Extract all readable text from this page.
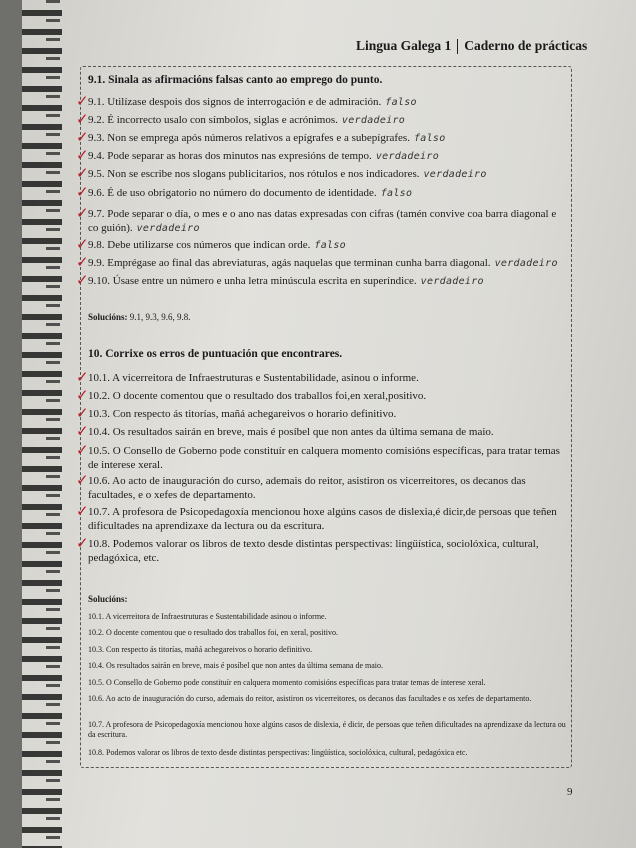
Lingua Galega 1 Caderno de prácticas
9.1. Sinala as afirmacións falsas canto ao emprego do punto.
✓ 9.1. Utilízase despois dos signos de interrogación e de admiración. falso
✓ 9.2. É incorrecto usalo con símbolos, siglas e acrónimos. verdadeiro
✓ 9.3. Non se emprega após números relativos a epígrafes e a subepígrafes. falso
✓ 9.4. Pode separar as horas dos minutos nas expresións de tempo. verdadeiro
✓ 9.5. Non se escribe nos slogans publicitarios, nos rótulos e nos indicadores. verdadeiro
✓ 9.6. É de uso obrigatorio no número do documento de identidade. falso
✓ 9.7. Pode separar o día, o mes e o ano nas datas expresadas con cifras (tamén convive coa barra diagonal e co guión). verdadeiro
✓ 9.8. Debe utilizarse cos números que indican orde. falso
✓ 9.9. Emprégase ao final das abreviaturas, agás naquelas que terminan cunha barra diagonal. verdadeiro
✓ 9.10. Úsase entre un número e unha letra minúscula escrita en superíndice. verdadeiro
Solucións: 9.1, 9.3, 9.6, 9.8.
10. Corrixe os erros de puntuación que encontrares.
✓ 10.1. A vicerreitora de Infraestruturas e Sustentabilidade, asinou o informe.
✓ 10.2. O docente comentou que o resultado dos traballos foi,en xeral,positivo.
✓ 10.3. Con respecto ás titorías, mañá achegareivos o horario definitivo.
✓ 10.4. Os resultados sairán en breve, mais é posíbel que non antes da última semana de maio.
✓ 10.5. O Consello de Goberno pode constituír en calquera momento comisións específicas, para tratar temas de interese xeral.
✓ 10.6. Ao acto de inauguración do curso, ademais do reitor, asistiron os vicerreitores, os decanos das facultades, e o xefes de departamento.
✓ 10.7. A profesora de Psicopedagoxía mencionou hoxe algúns casos de dislexia,é dicir,de persoas que teñen dificultades na aprendizaxe da lectura ou da escritura.
✓ 10.8. Podemos valorar os libros de texto desde distintas perspectivas: lingüística, sociolóxica, cultural, pedagóxica, etc.
Solucións:
10.1. A vicerreitora de Infraestruturas e Sustentabilidade asinou o informe.
10.2. O docente comentou que o resultado dos traballos foi, en xeral, positivo.
10.3. Con respecto ás titorías, mañá achegareivos o horario definitivo.
10.4. Os resultados sairán en breve, mais é posíbel que non antes da última semana de maio.
10.5. O Consello de Goberno pode constituír en calquera momento comisións específicas para tratar temas de interese xeral.
10.6. Ao acto de inauguración do curso, ademais do reitor, asistiron os vicerreitores, os decanos das facultades e os xefes de departamento.
10.7. A profesora de Psicopedagoxía mencionou hoxe algúns casos de dislexia, é dicir, de persoas que teñen dificultades na aprendizaxe da lectura ou da escritura.
10.8. Podemos valorar os libros de texto desde distintas perspectivas: lingüística, sociolóxica, cultural, pedagóxica etc.
9
